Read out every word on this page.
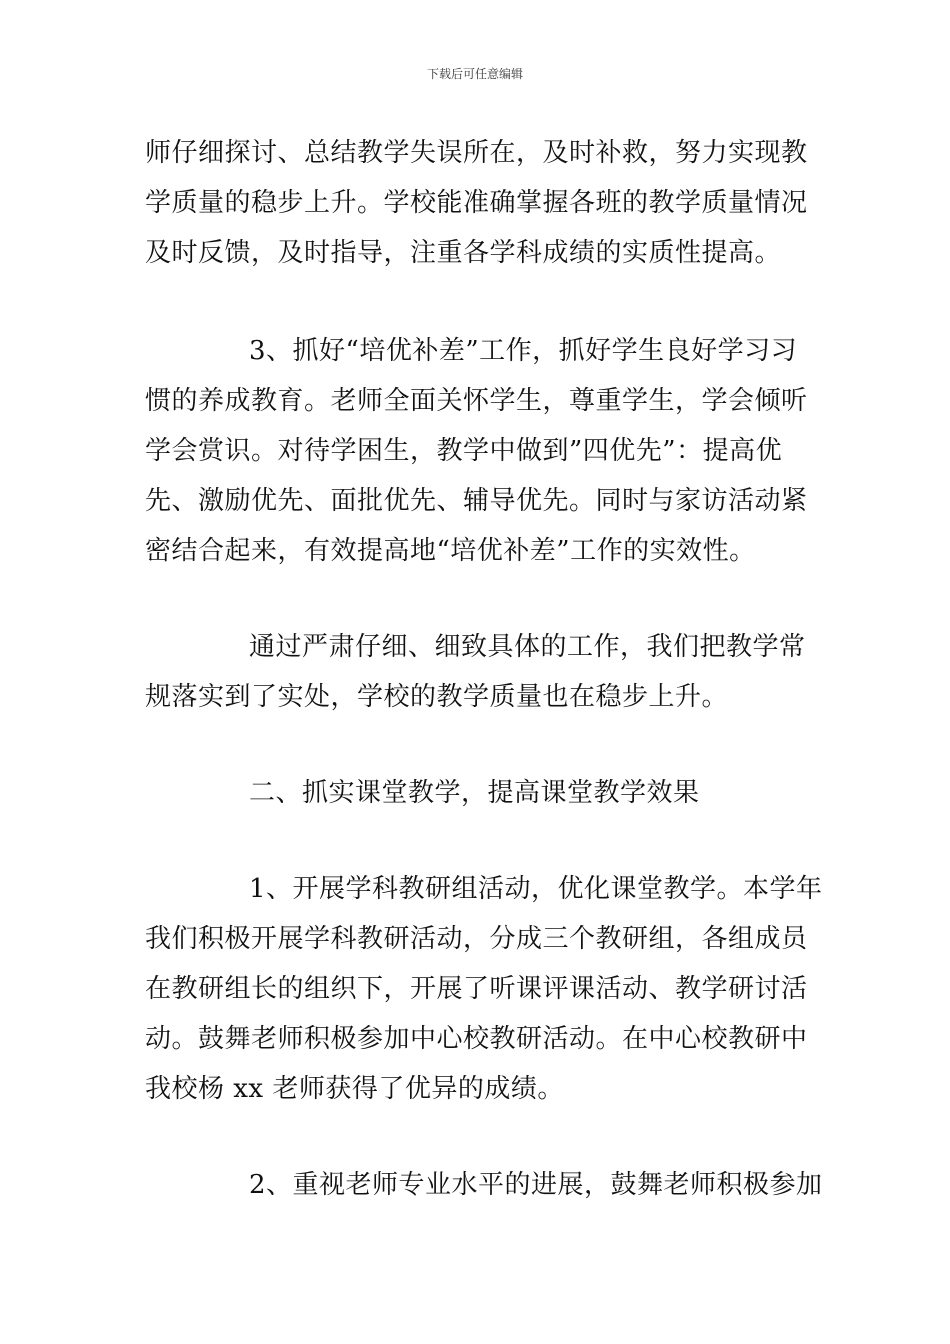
下载后可任意编辑
师仔细探讨、总结教学失误所在，及时补救，努力实现教
学质量的稳步上升。学校能准确掌握各班的教学质量情况
及时反馈，及时指导，注重各学科成绩的实质性提高。
3、抓好“培优补差”工作，抓好学生良好学习习
惯的养成教育。老师全面关怀学生，尊重学生，学会倾听
学会赏识。对待学困生，教学中做到”四优先”：提高优
先、激励优先、面批优先、辅导优先。同时与家访活动紧
密结合起来，有效提高地“培优补差”工作的实效性。
通过严肃仔细、细致具体的工作，我们把教学常
规落实到了实处，学校的教学质量也在稳步上升。
二、抓实课堂教学，提高课堂教学效果
1、开展学科教研组活动，优化课堂教学。本学年
我们积极开展学科教研活动，分成三个教研组，各组成员
在教研组长的组织下，开展了听课评课活动、教学研讨活
动。鼓舞老师积极参加中心校教研活动。在中心校教研中
我校杨 xx 老师获得了优异的成绩。
2、重视老师专业水平的进展，鼓舞老师积极参加
